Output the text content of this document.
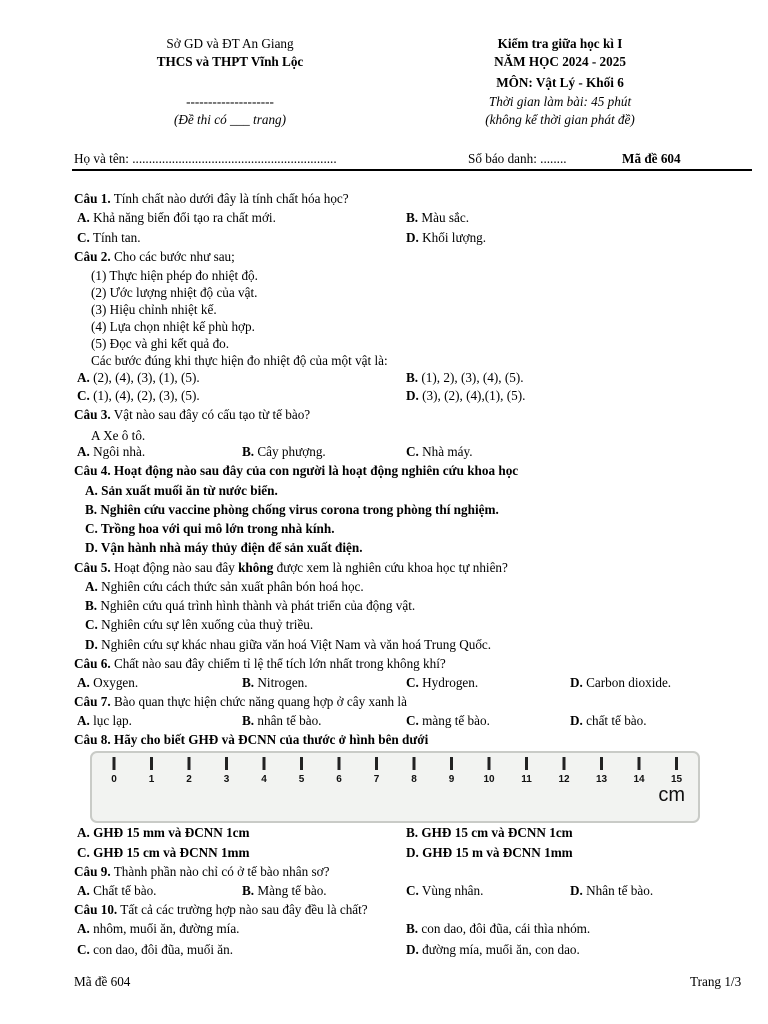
Sở GD và ĐT An Giang
THCS và THPT Vĩnh Lộc
--------------------
(Đề thi có ___ trang)
Kiểm tra giữa học kì I
NĂM HỌC 2024 - 2025
MÔN: Vật Lý - Khối 6
Thời gian làm bài: 45 phút
(không kể thời gian phát đề)
Họ và tên: ..............................................................	Số báo danh: ........	Mã đề 604
Câu 1. Tính chất nào dưới đây là tính chất hóa học?
A. Khả năng biến đổi tạo ra chất mới.	B. Màu sắc.
C. Tính tan.	D. Khối lượng.
Câu 2. Cho các bước như sau;
(1) Thực hiện phép đo nhiệt độ.
(2) Ước lượng nhiệt độ của vật.
(3) Hiệu chỉnh nhiệt kế.
(4) Lựa chọn nhiệt kế phù hợp.
(5) Đọc và ghi kết quả đo.
Các bước đúng khi thực hiện đo nhiệt độ của một vật là:
A. (2), (4), (3), (1), (5).	B. (1), 2), (3), (4), (5).
C. (1), (4), (2), (3), (5).	D. (3), (2), (4),(1), (5).
Câu 3. Vật nào sau đây có cấu tạo từ tế bào?
A Xe ô tô.
A. Ngôi nhà.	B. Cây phượng.	C. Nhà máy.
Câu 4. Hoạt động nào sau đây của con người là hoạt động nghiên cứu khoa học
A. Sản xuất muối ăn từ nước biển.
B. Nghiên cứu vaccine phòng chống virus corona trong phòng thí nghiệm.
C. Trồng hoa với qui mô lớn trong nhà kính.
D. Vận hành nhà máy thủy điện để sản xuất điện.
Câu 5. Hoạt động nào sau đây không được xem là nghiên cứu khoa học tự nhiên?
A. Nghiên cứu cách thức sản xuất phân bón hoá học.
B. Nghiên cứu quá trình hình thành và phát triển của động vật.
C. Nghiên cứu sự lên xuống của thuỷ triều.
D. Nghiên cứu sự khác nhau giữa văn hoá Việt Nam và văn hoá Trung Quốc.
Câu 6. Chất nào sau đây chiếm tỉ lệ thể tích lớn nhất trong không khí?
A. Oxygen.	B. Nitrogen.	C. Hydrogen.	D. Carbon dioxide.
Câu 7. Bào quan thực hiện chức năng quang hợp ở cây xanh là
A. lục lạp.	B. nhân tế bào.	C. màng tế bào.	D. chất tế bào.
Câu 8. Hãy cho biết GHĐ và ĐCNN của thước ở hình bên dưới
0	1	2	3	4	5	6	7	8	9	10	11	12	13	14	15
cm
A. GHĐ 15 mm và ĐCNN 1cm	B. GHĐ 15 cm và ĐCNN 1cm
C. GHĐ 15 cm và ĐCNN 1mm	D. GHĐ 15 m và ĐCNN 1mm
Câu 9. Thành phần nào chỉ có ở tế bào nhân sơ?
A. Chất tế bào.	B. Màng tế bào.	C. Vùng nhân.	D. Nhân tế bào.
Câu 10. Tất cả các trường hợp nào sau đây đều là chất?
A. nhôm, muối ăn, đường mía.	B. con dao, đôi đũa, cái thìa nhóm.
C. con dao, đôi đũa, muối ăn.	D. đường mía, muối ăn, con dao.
Mã đề 604	Trang 1/3
